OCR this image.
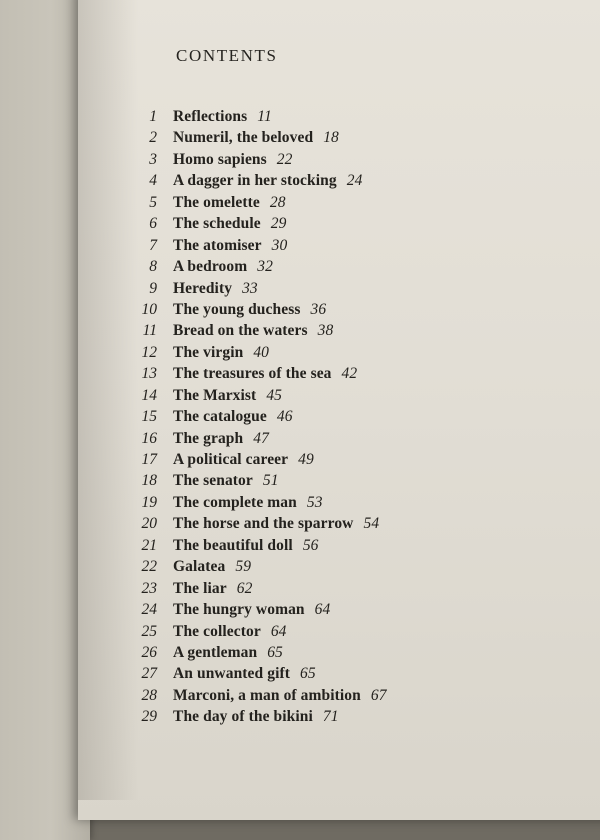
CONTENTS
1 Reflections 11
2 Numeril, the beloved 18
3 Homo sapiens 22
4 A dagger in her stocking 24
5 The omelette 28
6 The schedule 29
7 The atomiser 30
8 A bedroom 32
9 Heredity 33
10 The young duchess 36
11 Bread on the waters 38
12 The virgin 40
13 The treasures of the sea 42
14 The Marxist 45
15 The catalogue 46
16 The graph 47
17 A political career 49
18 The senator 51
19 The complete man 53
20 The horse and the sparrow 54
21 The beautiful doll 56
22 Galatea 59
23 The liar 62
24 The hungry woman 64
25 The collector 64
26 A gentleman 65
27 An unwanted gift 65
28 Marconi, a man of ambition 67
29 The day of the bikini 71
